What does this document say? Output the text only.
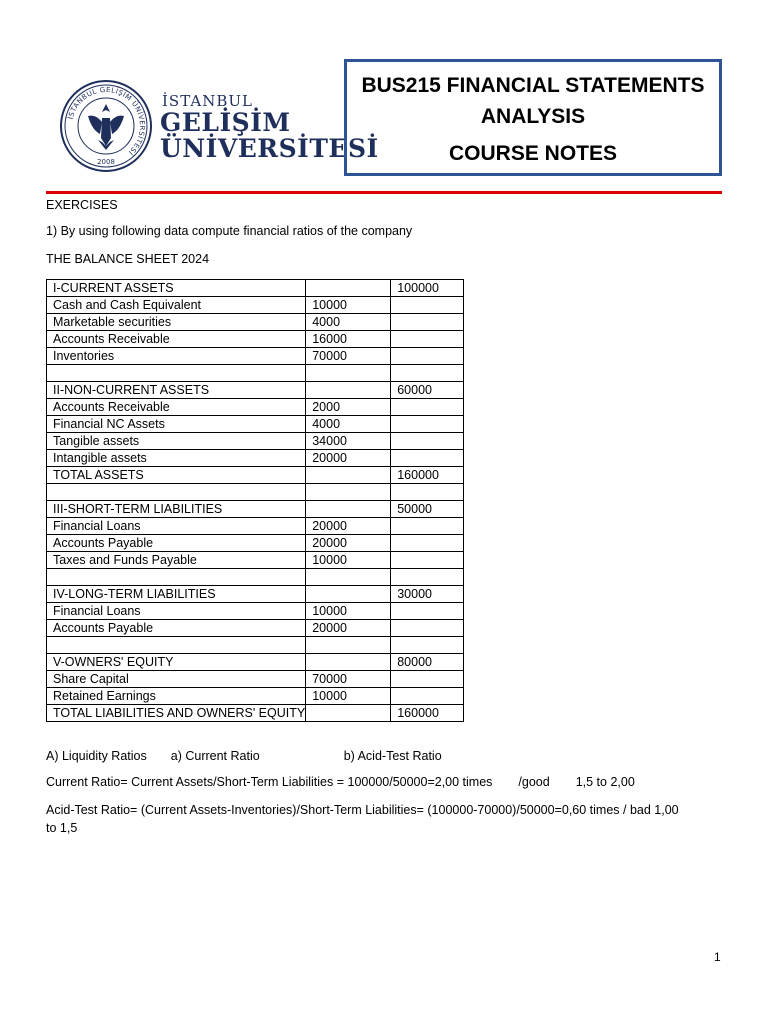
İSTANBUL GELİŞİM ÜNİVERSİTESİ
2008
İSTANBUL
GELİŞİM
ÜNİVERSİTESİ
BUS215 FINANCIAL STATEMENTS
ANALYSIS
COURSE NOTES
EXERCISES
1) By using following data compute financial ratios of the company
THE BALANCE SHEET 2024
I-CURRENT ASSETS		100000
Cash and Cash Equivalent	10000	
Marketable securities	4000	
Accounts Receivable	16000	
Inventories	70000	

II-NON-CURRENT ASSETS		60000
Accounts Receivable	2000	
Financial NC Assets	4000	
Tangible assets	34000	
Intangible assets	20000	
TOTAL ASSETS		160000

III-SHORT-TERM LIABILITIES		50000
Financial Loans	20000	
Accounts Payable	20000	
Taxes and Funds Payable	10000	

IV-LONG-TERM LIABILITIES		30000
Financial Loans	10000	
Accounts Payable	20000	

V-OWNERS' EQUITY		80000
Share Capital	70000	
Retained Earnings	10000	
TOTAL LIABILITIES AND OWNERS' EQUITY		160000
A) Liquidity Ratios a) Current Ratio	b) Acid-Test Ratio
Current Ratio= Current Assets/Short-Term Liabilities = 100000/50000=2,00 times /good 1,5 to 2,00
Acid-Test Ratio= (Current Assets-Inventories)/Short-Term Liabilities= (100000-70000)/50000=0,60 times / bad 1,00
to 1,5
1
